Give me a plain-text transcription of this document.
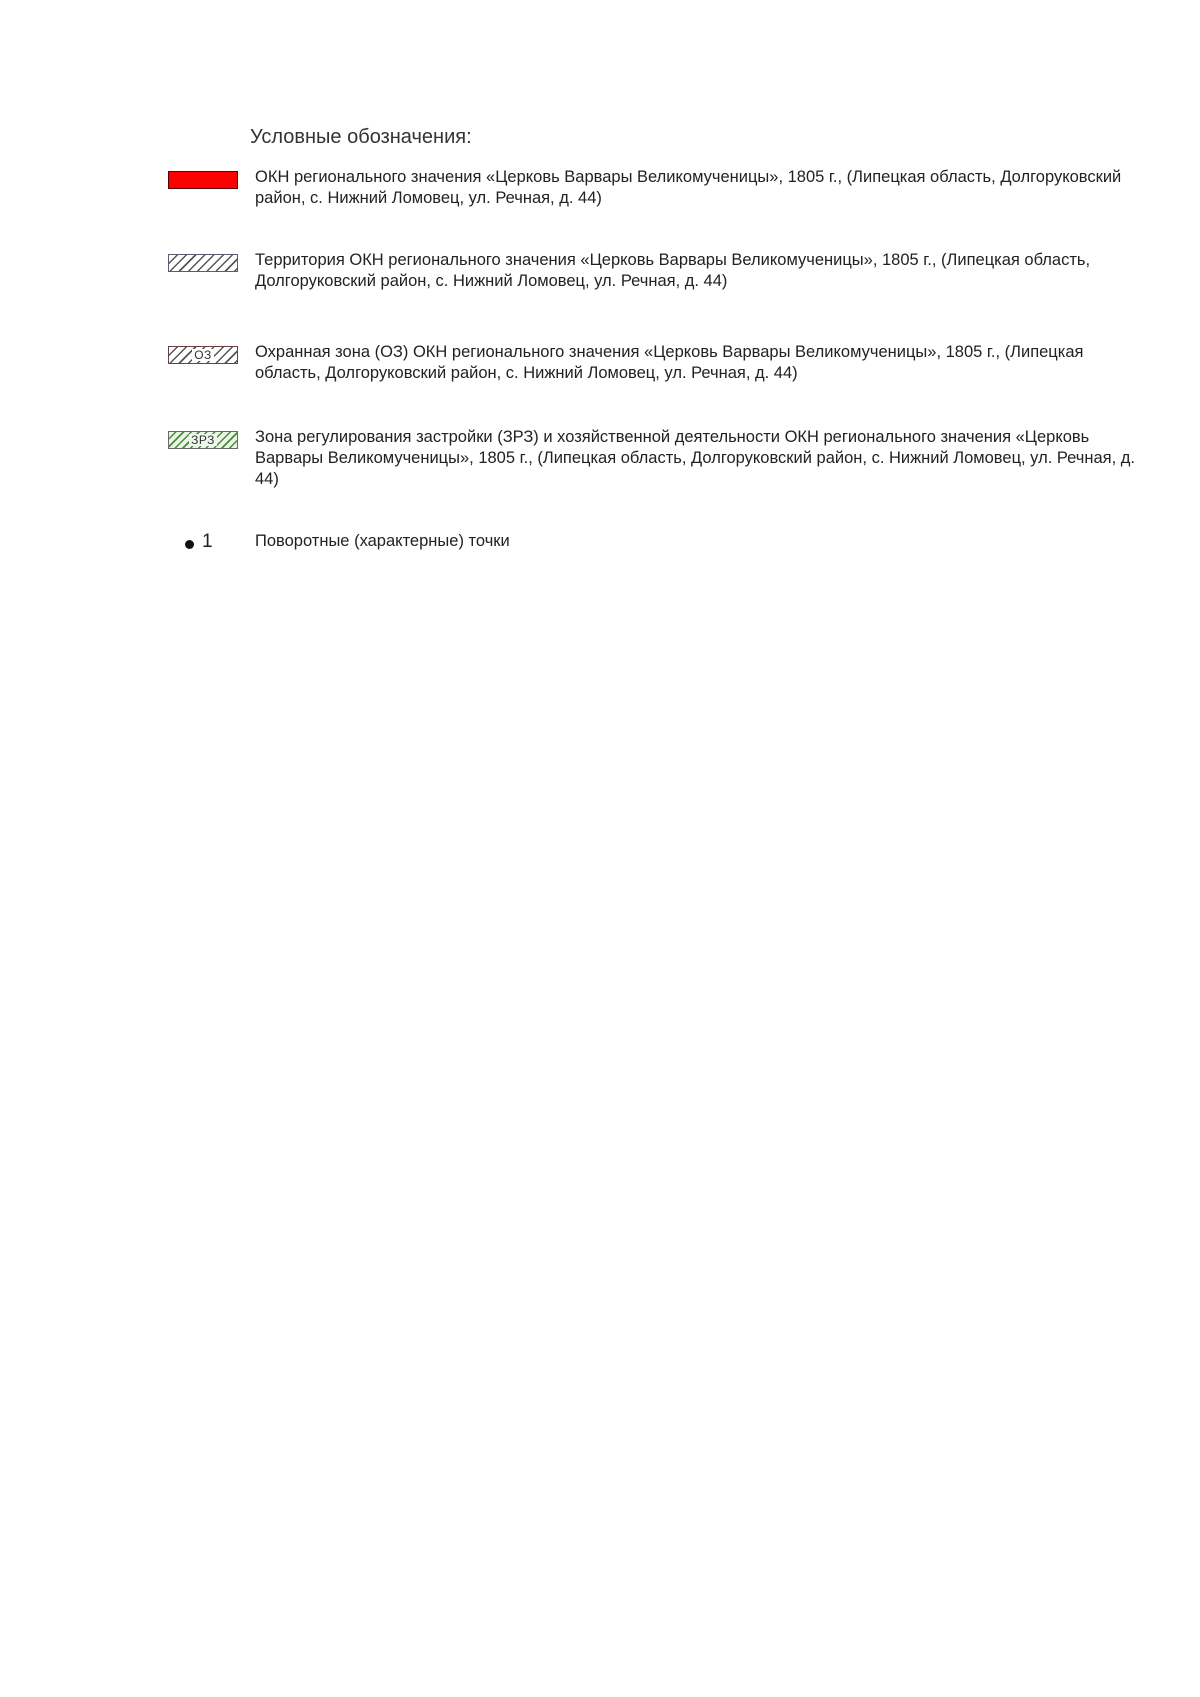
Условные обозначения:
ОКН регионального значения «Церковь Варвары Великомученицы», 1805 г., (Липецкая область, Долгоруковский район, с. Нижний Ломовец, ул. Речная, д. 44)
Территория ОКН регионального значения «Церковь Варвары Великомученицы», 1805 г., (Липецкая область, Долгоруковский район, с. Нижний Ломовец, ул. Речная, д. 44)
ОЗ	Охранная зона (ОЗ) ОКН регионального значения «Церковь Варвары Великомученицы», 1805 г., (Липецкая область, Долгоруковский район, с. Нижний Ломовец, ул. Речная, д. 44)
ЗРЗ Зона регулирования застройки (ЗРЗ) и хозяйственной деятельности ОКН регионального значения «Церковь Варвары Великомученицы», 1805 г., (Липецкая область, Долгоруковский район, с. Нижний Ломовец, ул. Речная, д. 44)
1	Поворотные (характерные) точки
